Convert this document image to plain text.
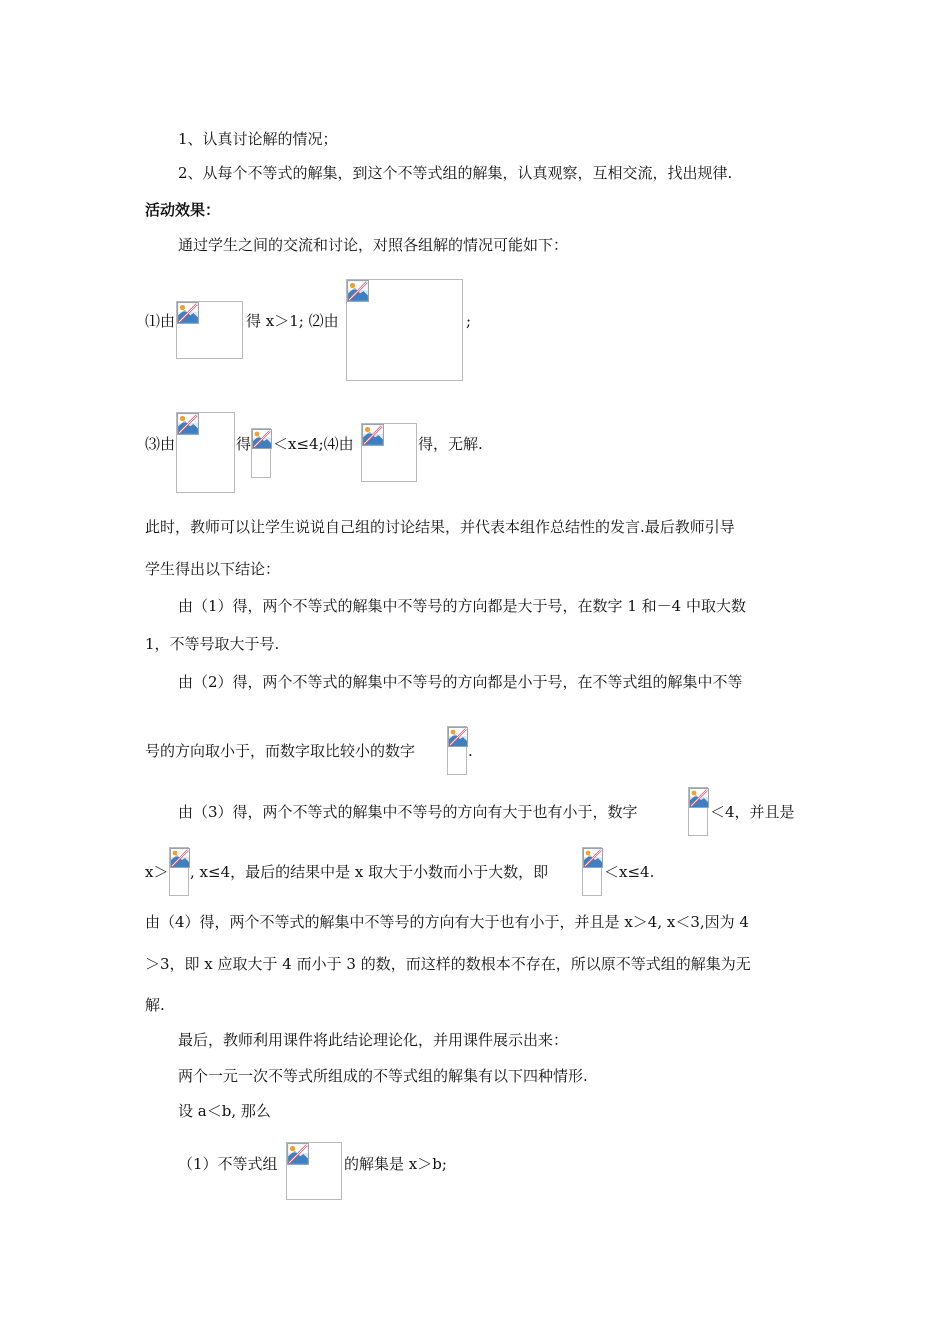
1、认真讨论解的情况；
2、从每个不等式的解集，到这个不等式组的解集，认真观察，互相交流，找出规律.
活动效果：
通过学生之间的交流和讨论，对照各组解的情况可能如下：
⑴由	得 x＞1; ⑵由	;
⑶由	得 ＜x≤4;⑷由	得，无解.
此时，教师可以让学生说说自己组的讨论结果，并代表本组作总结性的发言.最后教师引导
学生得出以下结论：
由（1）得，两个不等式的解集中不等号的方向都是大于号，在数字 1 和－4 中取大数
1，不等号取大于号.
由（2）得，两个不等式的解集中不等号的方向都是小于号，在不等式组的解集中不等
号的方向取小于，而数字取比较小的数字	.
由（3）得，两个不等式的解集中不等号的方向有大于也有小于，数字	＜4，并且是
x＞ , x≤4，最后的结果中是 x 取大于小数而小于大数，即	＜x≤4.
由（4）得，两个不等式的解集中不等号的方向有大于也有小于，并且是 x＞4, x＜3,因为 4
＞3，即 x 应取大于 4 而小于 3 的数，而这样的数根本不存在，所以原不等式组的解集为无
解.
最后，教师利用课件将此结论理论化，并用课件展示出来：
两个一元一次不等式所组成的不等式组的解集有以下四种情形.
设 a＜b, 那么
（1）不等式组	的解集是 x＞b;
